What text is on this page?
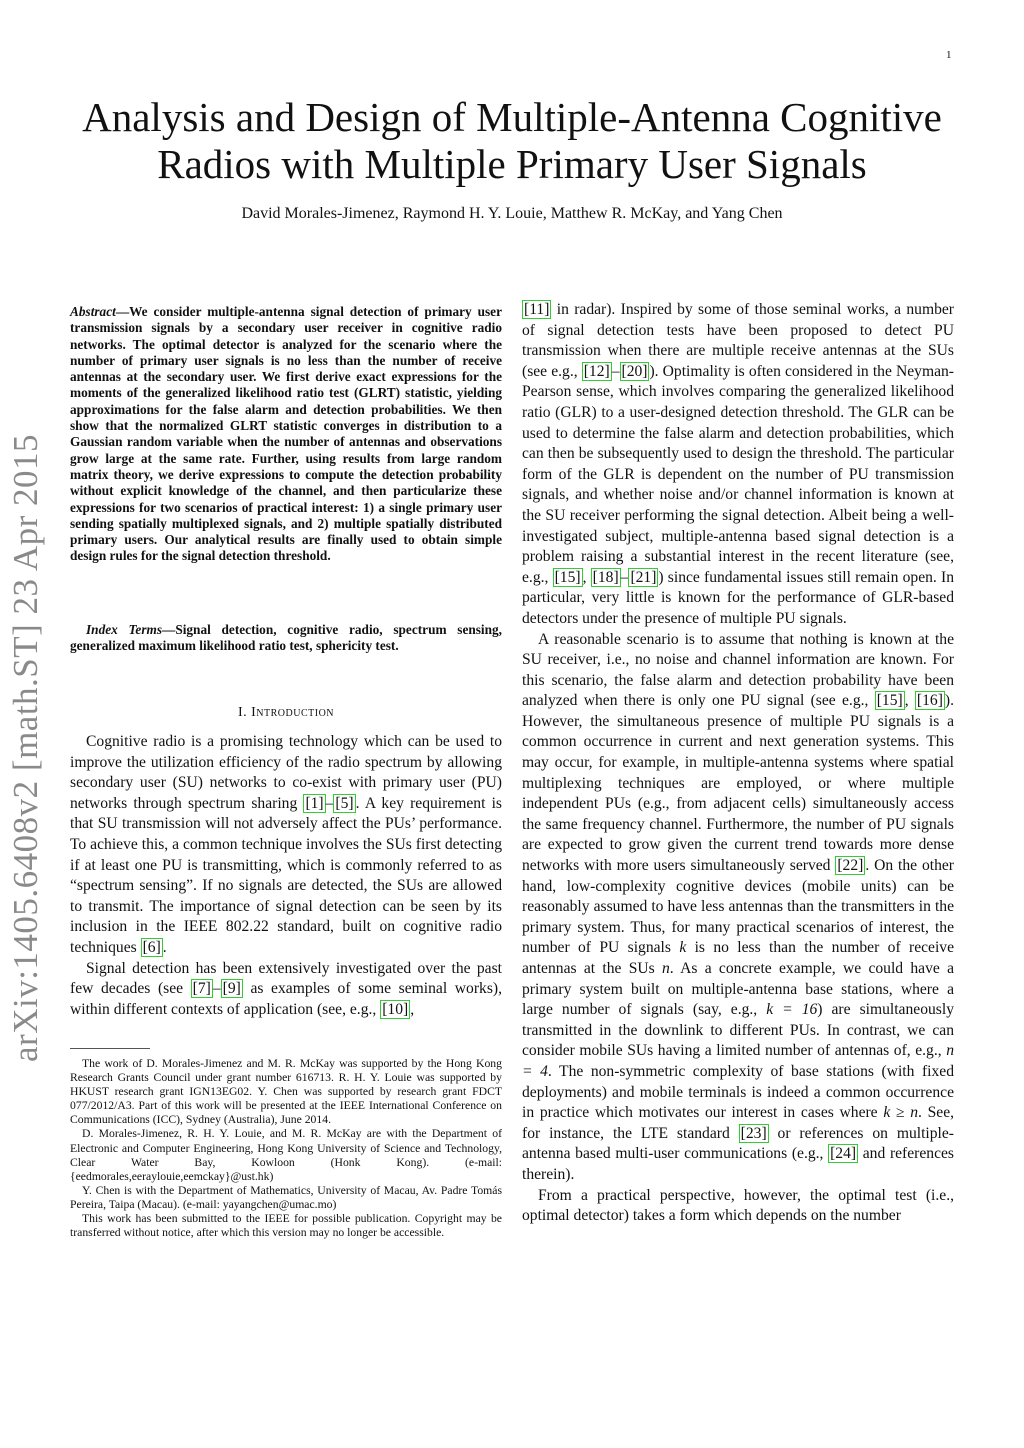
1
arXiv:1405.6408v2 [math.ST] 23 Apr 2015
Analysis and Design of Multiple-Antenna Cognitive Radios with Multiple Primary User Signals
David Morales-Jimenez, Raymond H. Y. Louie, Matthew R. McKay, and Yang Chen
Abstract—We consider multiple-antenna signal detection of primary user transmission signals by a secondary user receiver in cognitive radio networks. The optimal detector is analyzed for the scenario where the number of primary user signals is no less than the number of receive antennas at the secondary user. We first derive exact expressions for the moments of the generalized likelihood ratio test (GLRT) statistic, yielding approximations for the false alarm and detection probabilities. We then show that the normalized GLRT statistic converges in distribution to a Gaussian random variable when the number of antennas and observations grow large at the same rate. Further, using results from large random matrix theory, we derive expressions to compute the detection probability without explicit knowledge of the channel, and then particularize these expressions for two scenarios of practical interest: 1) a single primary user sending spatially multiplexed signals, and 2) multiple spatially distributed primary users. Our analytical results are finally used to obtain simple design rules for the signal detection threshold.
Index Terms—Signal detection, cognitive radio, spectrum sensing, generalized maximum likelihood ratio test, sphericity test.
I. Introduction

Cognitive radio is a promising technology which can be used to improve the utilization efficiency of the radio spectrum by allowing secondary user (SU) networks to co-exist with primary user (PU) networks through spectrum sharing [1] – [5] . A key requirement is that SU transmission will not adversely affect the PUs’ performance. To achieve this, a common technique involves the SUs first detecting if at least one PU is transmitting, which is commonly referred to as “spectrum sensing”. If no signals are detected, the SUs are allowed to transmit. The importance of signal detection can be seen by its inclusion in the IEEE 802.22 standard, built on cognitive radio techniques [6] .

Signal detection has been extensively investigated over the past few decades (see [7] – [9] as examples of some seminal works), within different contexts of application (see, e.g., [10] ,

The work of D. Morales-Jimenez and M. R. McKay was supported by the Hong Kong Research Grants Council under grant number 616713. R. H. Y. Louie was supported by HKUST research grant IGN13EG02. Y. Chen was supported by research grant FDCT 077/2012/A3. Part of this work will be presented at the IEEE International Conference on Communications (ICC), Sydney (Australia), June 2014.

D. Morales-Jimenez, R. H. Y. Louie, and M. R. McKay are with the Department of Electronic and Computer Engineering, Hong Kong University of Science and Technology, Clear Water Bay, Kowloon (Honk Kong). (e-mail:{eedmorales,eeraylouie,eemckay}@ust.hk)

Y. Chen is with the Department of Mathematics, University of Macau, Av. Padre Tomás Pereira, Taipa (Macau). (e-mail: yayangchen@umac.mo)

This work has been submitted to the IEEE for possible publication. Copyright may be transferred without notice, after which this version may no longer be accessible.

[11] in radar). Inspired by some of those seminal works, a number of signal detection tests have been proposed to detect PU transmission when there are multiple receive antennas at the SUs (see e.g., [12] – [20] ). Optimality is often considered in the Neyman-Pearson sense, which involves comparing the generalized likelihood ratio (GLR) to a user-designed detection threshold. The GLR can be used to determine the false alarm and detection probabilities, which can then be subsequently used to design the threshold. The particular form of the GLR is dependent on the number of PU transmission signals, and whether noise and/or channel information is known at the SU receiver performing the signal detection. Albeit being a well-investigated subject, multiple-antenna based signal detection is a problem raising a substantial interest in the recent literature (see, e.g., [15] , [18] – [21] ) since fundamental issues still remain open. In particular, very little is known for the performance of GLR-based detectors under the presence of multiple PU signals.

A reasonable scenario is to assume that nothing is known at the SU receiver, i.e., no noise and channel information are known. For this scenario, the false alarm and detection probability have been analyzed when there is only one PU signal (see e.g., [15] , [16] ). However, the simultaneous presence of multiple PU signals is a common occurrence in current and next generation systems. This may occur, for example, in multiple-antenna systems where spatial multiplexing techniques are employed, or where multiple independent PUs (e.g., from adjacent cells) simultaneously access the same frequency channel. Furthermore, the number of PU signals are expected to grow given the current trend towards more dense networks with more users simultaneously served [22] . On the other hand, low-complexity cognitive devices (mobile units) can be reasonably assumed to have less antennas than the transmitters in the primary system. Thus, for many practical scenarios of interest, the number of PU signals k is no less than the number of receive antennas at the SUs n. As a concrete example, we could have a primary system built on multiple-antenna base stations, where a large number of signals (say, e.g., k = 16) are simultaneously transmitted in the downlink to different PUs. In contrast, we can consider mobile SUs having a limited number of antennas of, e.g., n = 4. The non-symmetric complexity of base stations (with fixed deployments) and mobile terminals is indeed a common occurrence in practice which motivates our interest in cases where k ≥ n. See, for instance, the LTE standard [23] or references on multiple-antenna based multi-user communications (e.g., [24] and references therein).

From a practical perspective, however, the optimal test (i.e., optimal detector) takes a form which depends on the number
